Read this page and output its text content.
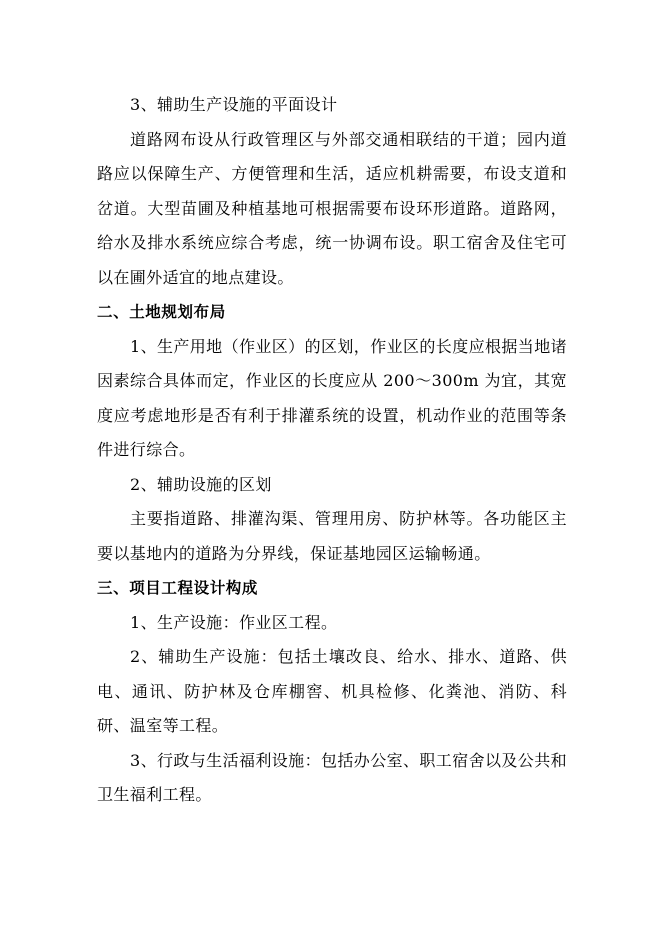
3、辅助生产设施的平面设计

道路网布设从行政管理区与外部交通相联结的干道；园内道路应以保障生产、方便管理和生活，适应机耕需要，布设支道和岔道。大型苗圃及种植基地可根据需要布设环形道路。道路网，给水及排水系统应综合考虑，统一协调布设。职工宿舍及住宅可以在圃外适宜的地点建设。

二、土地规划布局

1、生产用地（作业区）的区划，作业区的长度应根据当地诸因素综合具体而定，作业区的长度应从 200～300m 为宜，其宽度应考虑地形是否有利于排灌系统的设置，机动作业的范围等条件进行综合。

2、辅助设施的区划

主要指道路、排灌沟渠、管理用房、防护林等。各功能区主要以基地内的道路为分界线，保证基地园区运输畅通。

三、项目工程设计构成

1、生产设施：作业区工程。

2、辅助生产设施：包括土壤改良、给水、排水、道路、供电、通讯、防护林及仓库棚窖、机具检修、化粪池、消防、科研、温室等工程。

3、行政与生活福利设施：包括办公室、职工宿舍以及公共和卫生福利工程。
